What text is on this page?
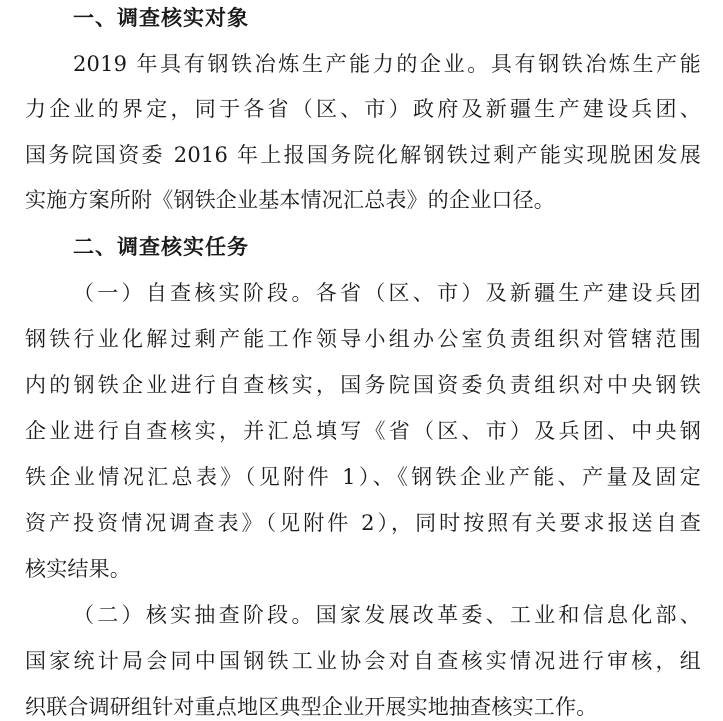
一、调查核实对象
2019 年具有钢铁冶炼生产能力的企业。具有钢铁冶炼生产能
力企业的界定，同于各省（区、市）政府及新疆生产建设兵团、
国务院国资委 2016 年上报国务院化解钢铁过剩产能实现脱困发展
实施方案所附《钢铁企业基本情况汇总表》的企业口径。
二、调查核实任务
（一）自查核实阶段。各省（区、市）及新疆生产建设兵团
钢铁行业化解过剩产能工作领导小组办公室负责组织对管辖范围
内的钢铁企业进行自查核实，国务院国资委负责组织对中央钢铁
企业进行自查核实，并汇总填写《省（区、市）及兵团、中央钢
铁企业情况汇总表》（见附件 1）、《钢铁企业产能、产量及固定
资产投资情况调查表》（见附件 2），同时按照有关要求报送自查
核实结果。
（二）核实抽查阶段。国家发展改革委、工业和信息化部、
国家统计局会同中国钢铁工业协会对自查核实情况进行审核，组
织联合调研组针对重点地区典型企业开展实地抽查核实工作。
